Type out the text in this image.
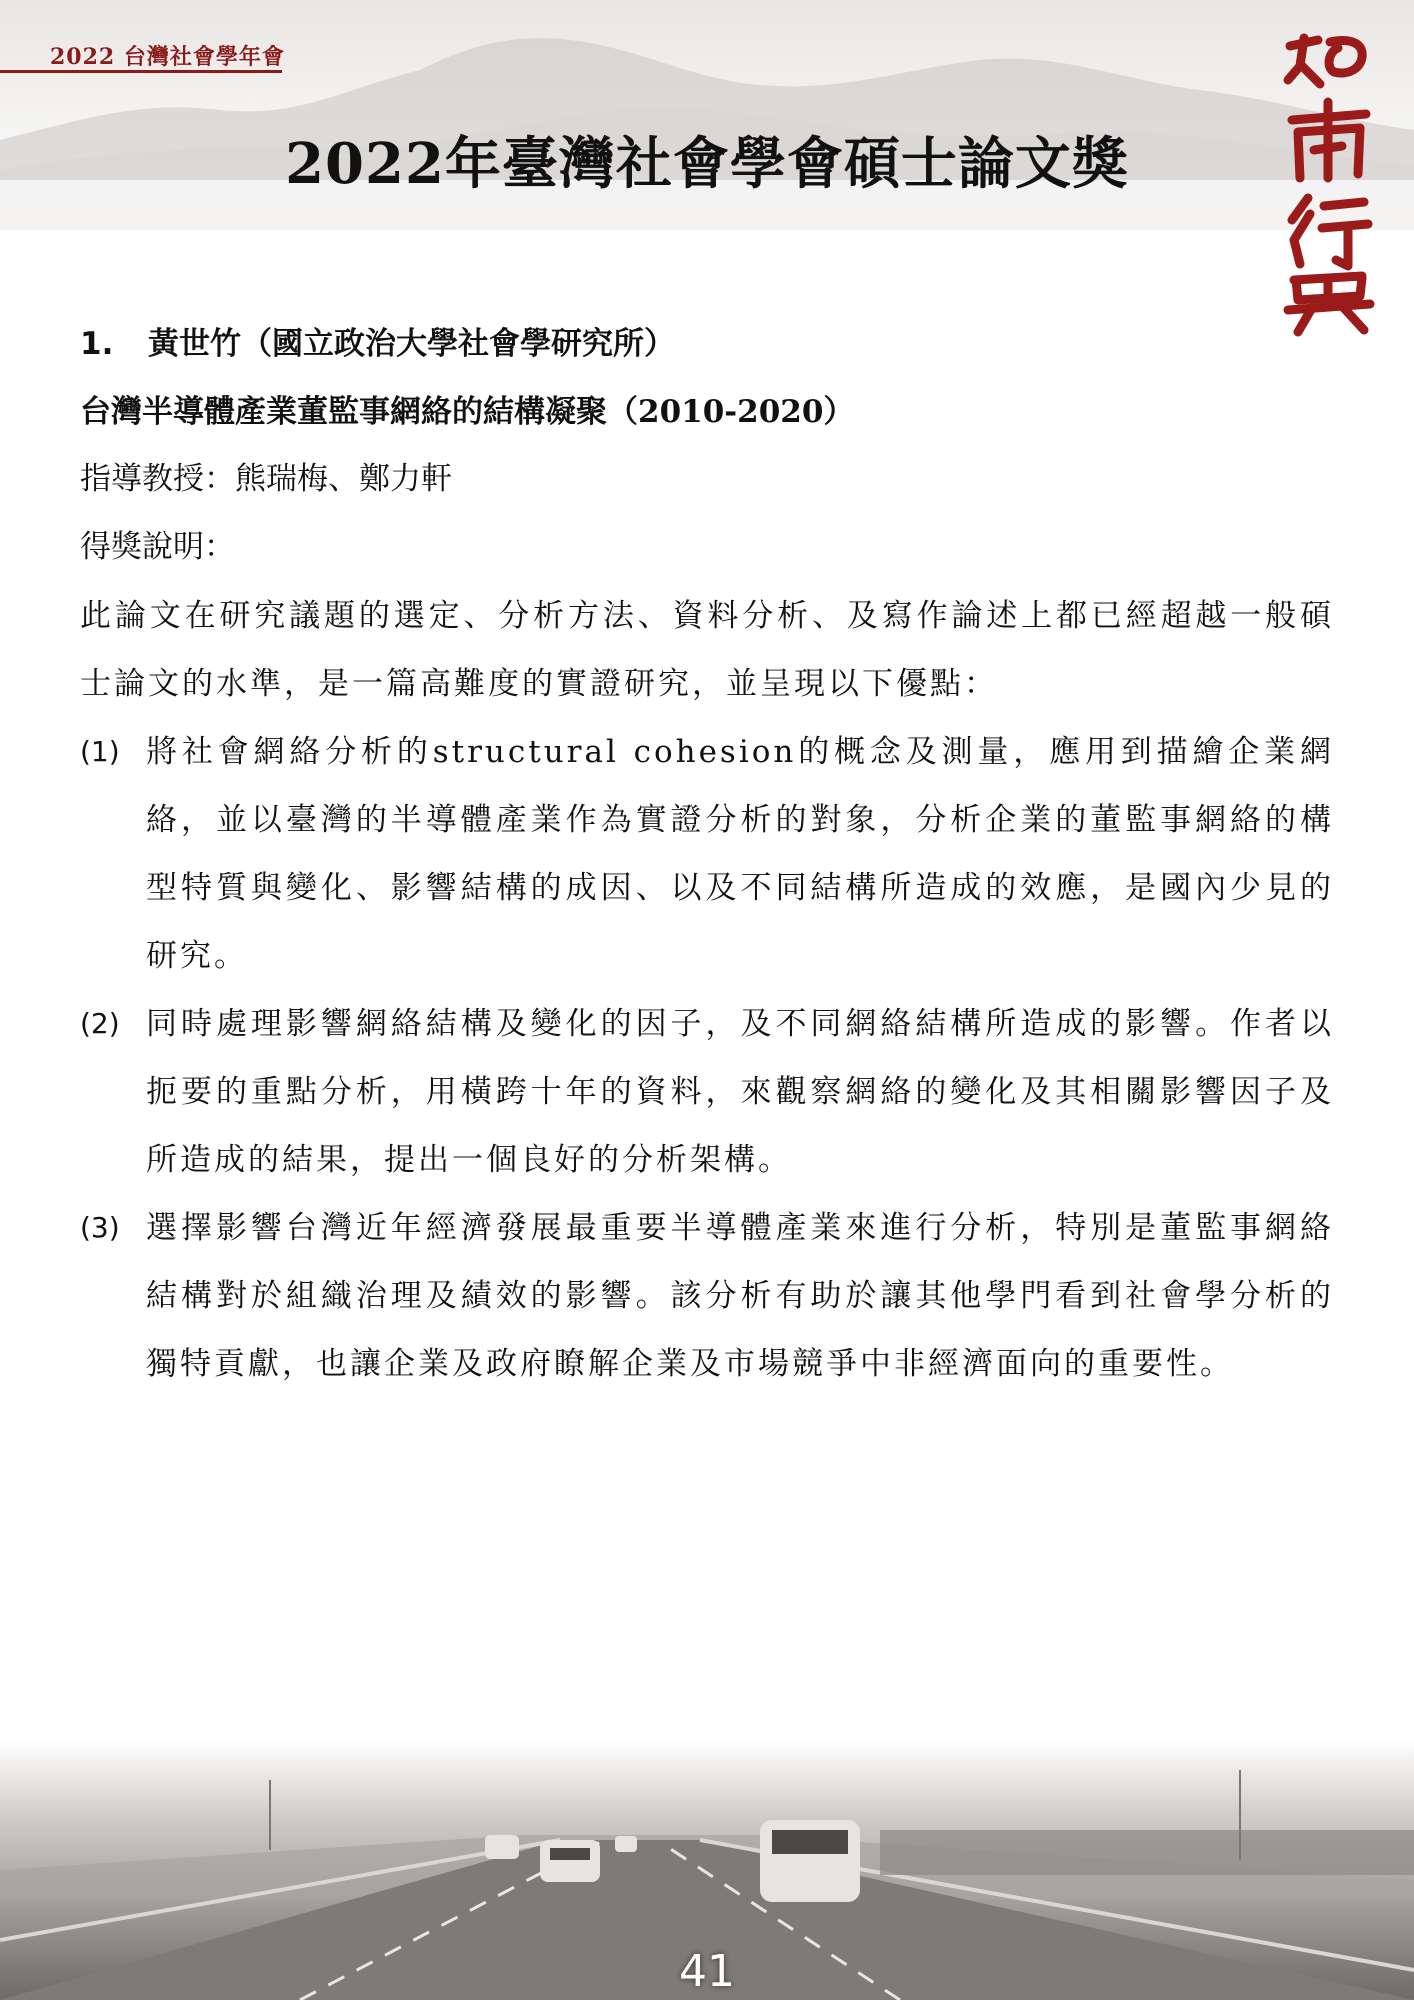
2022 台灣社會學年會
2022年臺灣社會學會碩士論文獎
1. 黃世竹（國立政治大學社會學研究所）
台灣半導體產業董監事網絡的結構凝聚（2010-2020）
指導教授：熊瑞梅、鄭力軒
得獎說明：
此論文在研究議題的選定、分析方法、資料分析、及寫作論述上都已經超越一般碩士論文的水準，是一篇高難度的實證研究，並呈現以下優點：
(1) 將社會網絡分析的structural cohesion的概念及測量，應用到描繪企業網絡，並以臺灣的半導體產業作為實證分析的對象，分析企業的董監事網絡的構型特質與變化、影響結構的成因、以及不同結構所造成的效應，是國內少見的研究。
(2) 同時處理影響網絡結構及變化的因子，及不同網絡結構所造成的影響。作者以扼要的重點分析，用橫跨十年的資料，來觀察網絡的變化及其相關影響因子及所造成的結果，提出一個良好的分析架構。
(3) 選擇影響台灣近年經濟發展最重要半導體產業來進行分析，特別是董監事網絡結構對於組織治理及績效的影響。該分析有助於讓其他學門看到社會學分析的獨特貢獻，也讓企業及政府瞭解企業及市場競爭中非經濟面向的重要性。
41
